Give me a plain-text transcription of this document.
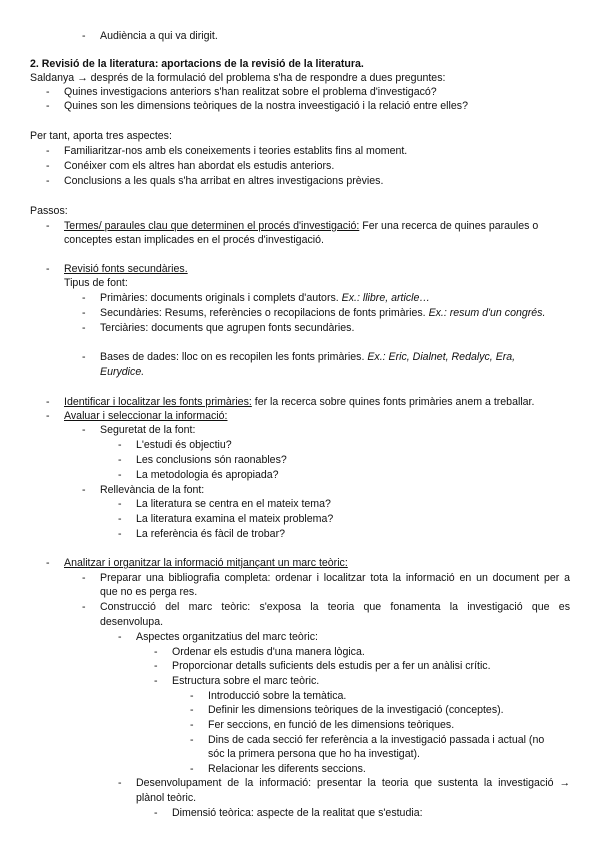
- Audiència a qui va dirigit.
2. Revisió de la literatura: aportacions de la revisió de la literatura.
Saldanya → després de la formulació del problema s'ha de respondre a dues preguntes:
- Quines investigacions anteriors s'han realitzat sobre el problema d'investigacó?
- Quines son les dimensions teòriques de la nostra inveestigació i la relació entre elles?
Per tant, aporta tres aspectes:
- Familiaritzar-nos amb els coneixements i teories establits fins al moment.
- Conéixer com els altres han abordat els estudis anteriors.
- Conclusions a les quals s'ha arribat en altres investigacions prèvies.
Passos:
- Termes/ paraules clau que determinen el procés d'investigació: Fer una recerca de quines paraules o
conceptes estan implicades en el procés d'investigació.
- Revisió fonts secundàries.
Tipus de font:
- Primàries: documents originals i complets d'autors. Ex.: llibre, article…
- Secundàries: Resums, referències o recopilacions de fonts primàries. Ex.: resum d'un congrés.
- Terciàries: documents que agrupen fonts secundàries.
- Bases de dades: lloc on es recopilen les fonts primàries. Ex.: Eric, Dialnet, Redalyc, Era,
Eurydice.
- Identificar i localitzar les fonts primàries: fer la recerca sobre quines fonts primàries anem a treballar.
- Avaluar i seleccionar la informació:
- Seguretat de la font:
- L'estudi és objectiu?
- Les conclusions són raonables?
- La metodologia és apropiada?
- Rellevància de la font:
- La literatura se centra en el mateix tema?
- La literatura examina el mateix problema?
- La referència és fàcil de trobar?
- Analitzar i organitzar la informació mitjançant un marc teòric:
- Preparar una bibliografia completa: ordenar i localitzar tota la informació en un document per a
que no es perga res.
- Construcció del marc teòric: s'exposa la teoria que fonamenta la investigació que es
desenvolupa.
- Aspectes organitzatius del marc teòric:
- Ordenar els estudis d'una manera lògica.
- Proporcionar detalls suficients dels estudis per a fer un anàlisi crític.
- Estructura sobre el marc teòric.
- Introducció sobre la temàtica.
- Definir les dimensions teòriques de la investigació (conceptes).
- Fer seccions, en funció de les dimensions teòriques.
- Dins de cada secció fer referència a la investigació passada i actual (no
sóc la primera persona que ho ha investigat).
- Relacionar les diferents seccions.
- Desenvolupament de la informació: presentar la teoria que sustenta la investigació →
plànol teòric.
- Dimensió teòrica: aspecte de la realitat que s'estudia:
